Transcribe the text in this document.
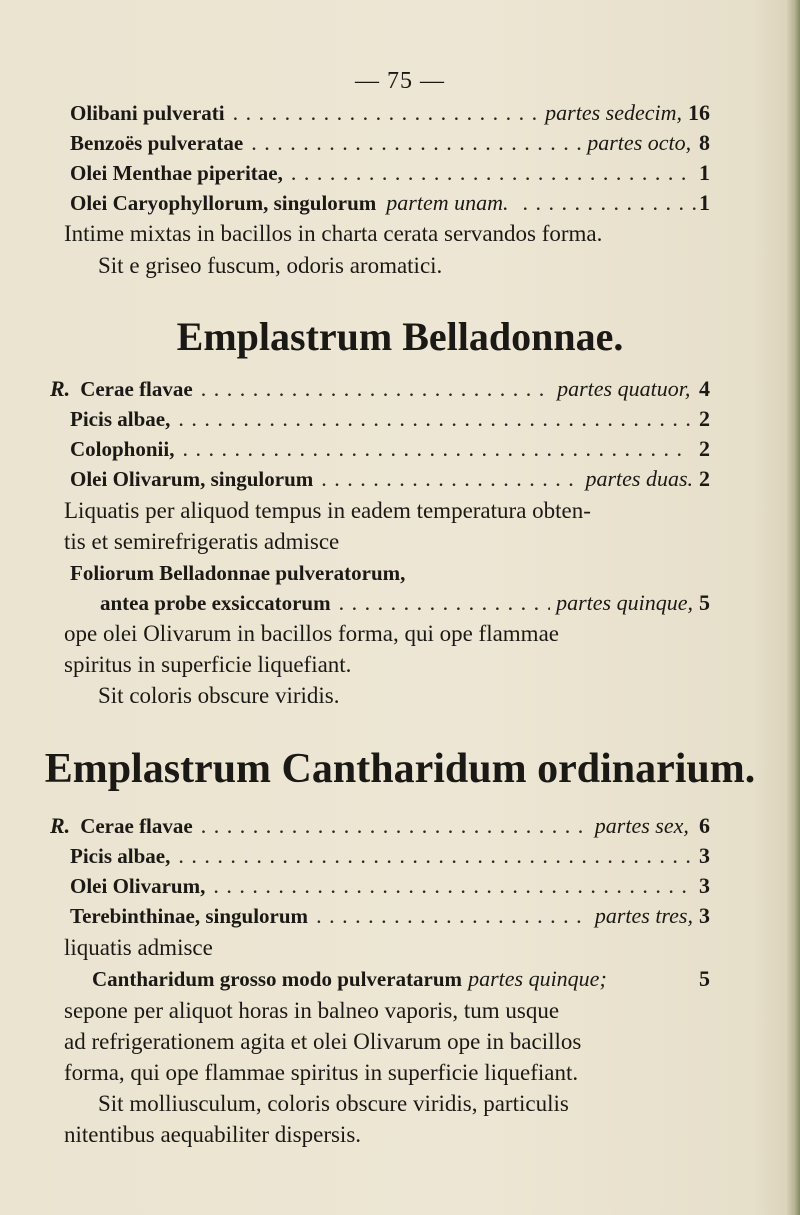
— 75 —
Olibani pulverati . . .	partes sedecim, 16
Benzoës pulveratae . . .	partes octo, 8
Olei Menthae piperitae, . . .	1
Olei Caryophyllorum, singulorum partem unam. . . .	1
Intime mixtas in bacillos in charta cerata servandos forma.
Sit e griseo fuscum, odoris aromatici.
Emplastrum Belladonnae.
R. Cerae flavae . . .	partes quatuor, 4
Picis albae, . . .	2
Colophonii, . . .	2
Olei Olivarum, singulorum . . .	partes duas. 2
Liquatis per aliquod tempus in eadem temperatura obten-
tis et semirefrigeratis admisce
Foliorum Belladonnae pulveratorum,
antea probe exsiccatorum . . .	partes quinque, 5
ope olei Olivarum in bacillos forma, qui ope flammae
spiritus in superficie liquefiant.
Sit coloris obscure viridis.
Emplastrum Cantharidum ordinarium.
R. Cerae flavae . . .	partes sex, 6
Picis albae, . . .	3
Olei Olivarum, . . .	3
Terebinthinae, singulorum . . .	partes tres, 3
liquatis admisce
Cantharidum grosso modo pulveratarum partes quinque;	5
sepone per aliquot horas in balneo vaporis, tum usque
ad refrigerationem agita et olei Olivarum ope in bacillos
forma, qui ope flammae spiritus in superficie liquefiant.
Sit molliusculum, coloris obscure viridis, particulis
nitentibus aequabiliter dispersis.
